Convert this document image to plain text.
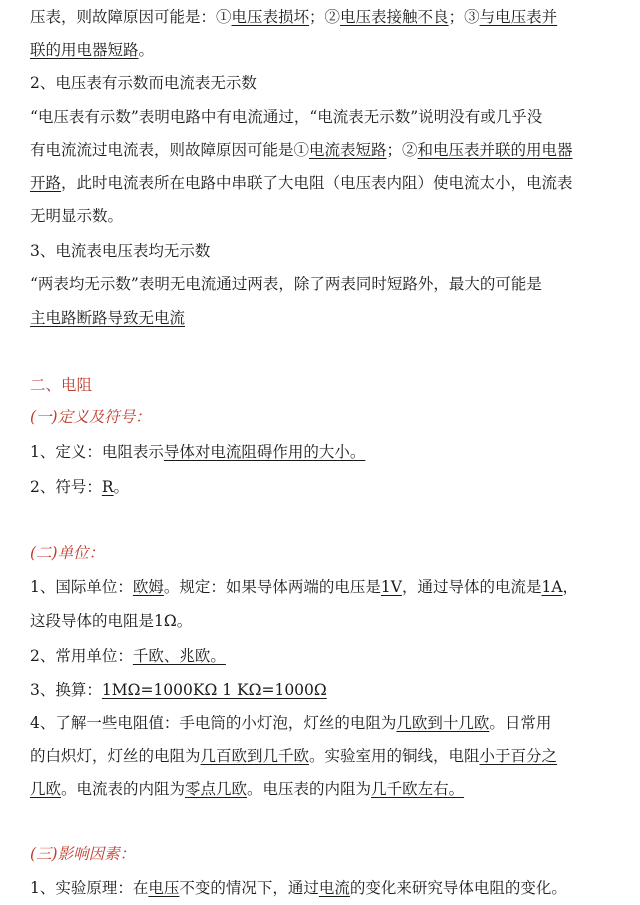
压表，则故障原因可能是：①电压表损坏；②电压表接触不良；③与电压表并
联的用电器短路。
2、电压表有示数而电流表无示数
“电压表有示数”表明电路中有电流通过，“电流表无示数”说明没有或几乎没
有电流流过电流表，则故障原因可能是①电流表短路；②和电压表并联的用电器
开路，此时电流表所在电路中串联了大电阻（电压表内阻）使电流太小，电流表
无明显示数。
3、电流表电压表均无示数
“两表均无示数”表明无电流通过两表，除了两表同时短路外，最大的可能是
主电路断路导致无电流
二、电阻
(一)定义及符号：
1、定义：电阻表示导体对电流阻碍作用的大小。
2、符号：R。
(二)单位：
1、国际单位：欧姆。规定：如果导体两端的电压是1V，通过导体的电流是1A，
这段导体的电阻是1Ω。
2、常用单位：千欧、兆欧。
3、换算：1MΩ=1000KΩ 1 KΩ=1000Ω
4、了解一些电阻值：手电筒的小灯泡，灯丝的电阻为几欧到十几欧。日常用
的白炽灯，灯丝的电阻为几百欧到几千欧。实验室用的铜线，电阻小于百分之
几欧。电流表的内阻为零点几欧。电压表的内阻为几千欧左右。
(三)影响因素：
1、实验原理：在电压不变的情况下，通过电流的变化来研究导体电阻的变化。
